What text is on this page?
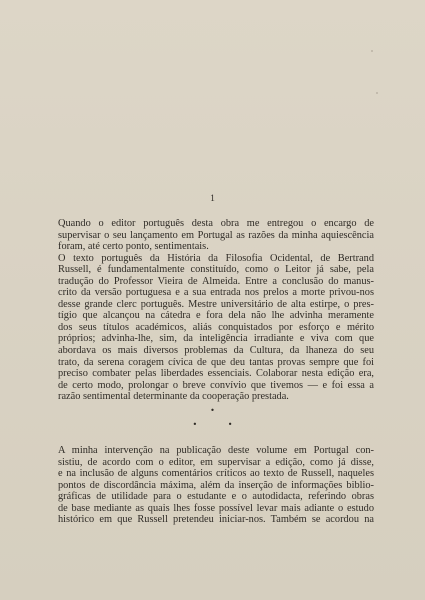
1

Quando o editor português desta obra me entregou o encargo de
supervisar o seu lançamento em Portugal as razões da minha aquiescência
foram, até certo ponto, sentimentais.

O texto português da História da Filosofia Ocidental, de Bertrand
Russell, é fundamentalmente constituído, como o Leitor já sabe, pela
tradução do Professor Vieira de Almeida. Entre a conclusão do manus-
crito da versão portuguesa e a sua entrada nos prelos a morte privou-nos
desse grande clerc português. Mestre universitário de alta estirpe, o pres-
tígio que alcançou na cátedra e fora dela não lhe advinha meramente
dos seus títulos académicos, aliás conquistados por esforço e mérito
próprios; advinha-lhe, sim, da inteligência irradiante e viva com que
abordava os mais diversos problemas da Cultura, da lhaneza do seu
trato, da serena coragem cívica de que deu tantas provas sempre que foi
preciso combater pelas liberdades essenciais. Colaborar nesta edição era,
de certo modo, prolongar o breve convívio que tivemos — e foi essa a
razão sentimental determinante da cooperação prestada.

•
• •

A minha intervenção na publicação deste volume em Portugal con-
sistiu, de acordo com o editor, em supervisar a edição, como já disse,
e na inclusão de alguns comentários críticos ao texto de Russell, naqueles
pontos de discordância máxima, além da inserção de informações biblio-
gráficas de utilidade para o estudante e o autodidacta, referindo obras
de base mediante as quais lhes fosse possível levar mais adiante o estudo
histórico em que Russell pretendeu iniciar-nos. Também se acordou na
